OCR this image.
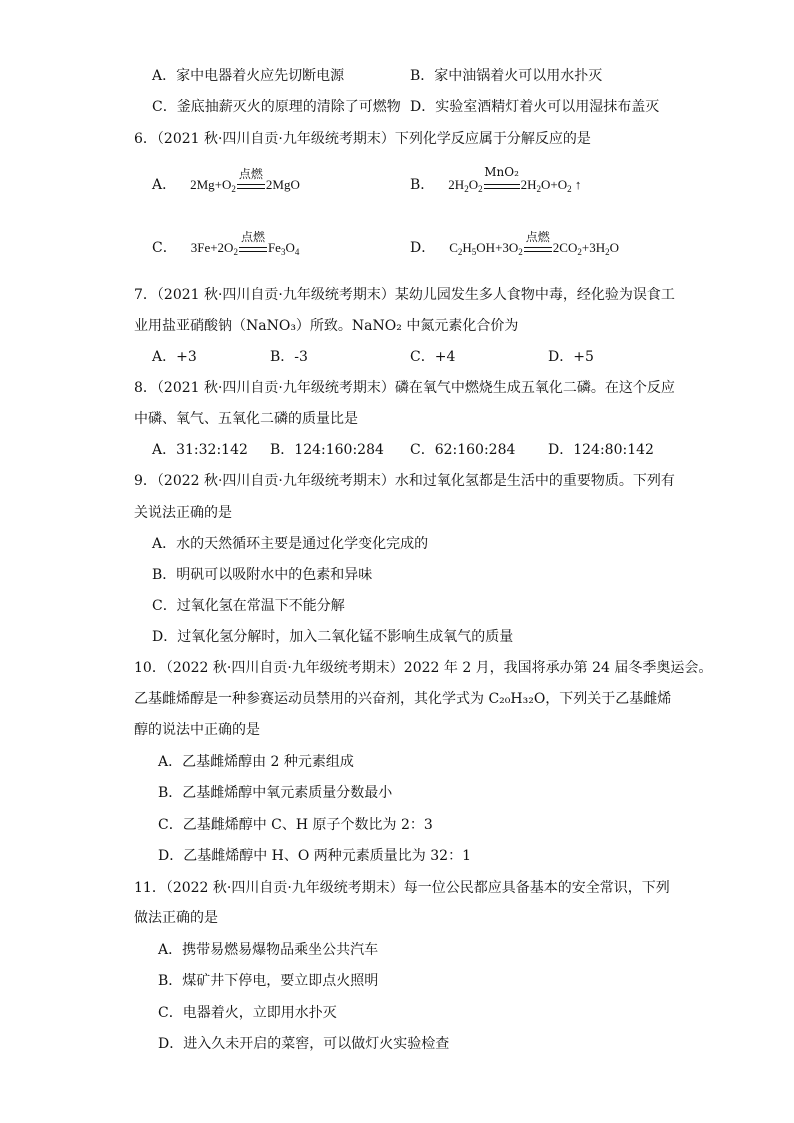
A．家中电器着火应先切断电源	B．家中油锅着火可以用水扑灭
C．釜底抽薪灭火的原理的清除了可燃物 D．实验室酒精灯着火可以用湿抹布盖灭
6．（2021 秋·四川自贡·九年级统考期末）下列化学反应属于分解反应的是
A． $2Mg+O_2$
点燃
2MgO	B． $2H_2O_2$
MnO₂
$2H_2O+O_2$ ↑
C． $3Fe+2O_2$
点燃
$Fe_3O_4$	D． $C_2H_5OH+3O_2$
点燃
$2CO_2+3H_2O$
7．（2021 秋·四川自贡·九年级统考期末）某幼儿园发生多人食物中毒，经化验为误食工
业用盐亚硝酸钠（NaNO₃）所致。NaNO₂ 中氮元素化合价为
A．+3	B．-3	C．+4	D．+5
8．（2021 秋·四川自贡·九年级统考期末）磷在氧气中燃烧生成五氧化二磷。在这个反应
中磷、氧气、五氧化二磷的质量比是
A．31:32:142 B．124:160:284 C．62:160:284 D．124:80:142
9．（2022 秋·四川自贡·九年级统考期末）水和过氧化氢都是生活中的重要物质。下列有
关说法正确的是
A．水的天然循环主要是通过化学变化完成的
B．明矾可以吸附水中的色素和异味
C．过氧化氢在常温下不能分解
D．过氧化氢分解时，加入二氧化锰不影响生成氧气的质量
10．（2022 秋·四川自贡·九年级统考期末）2022 年 2 月，我国将承办第 24 届冬季奥运会。
乙基雌烯醇是一种参赛运动员禁用的兴奋剂，其化学式为 C₂₀H₃₂O，下列关于乙基雌烯
醇的说法中正确的是
A．乙基雌烯醇由 2 种元素组成
B．乙基雌烯醇中氧元素质量分数最小
C．乙基雌烯醇中 C、H 原子个数比为 2：3
D．乙基雌烯醇中 H、O 两种元素质量比为 32：1
11．（2022 秋·四川自贡·九年级统考期末）每一位公民都应具备基本的安全常识，下列
做法正确的是
A．携带易燃易爆物品乘坐公共汽车
B．煤矿井下停电，要立即点火照明
C．电器着火，立即用水扑灭
D．进入久未开启的菜窖，可以做灯火实验检查
